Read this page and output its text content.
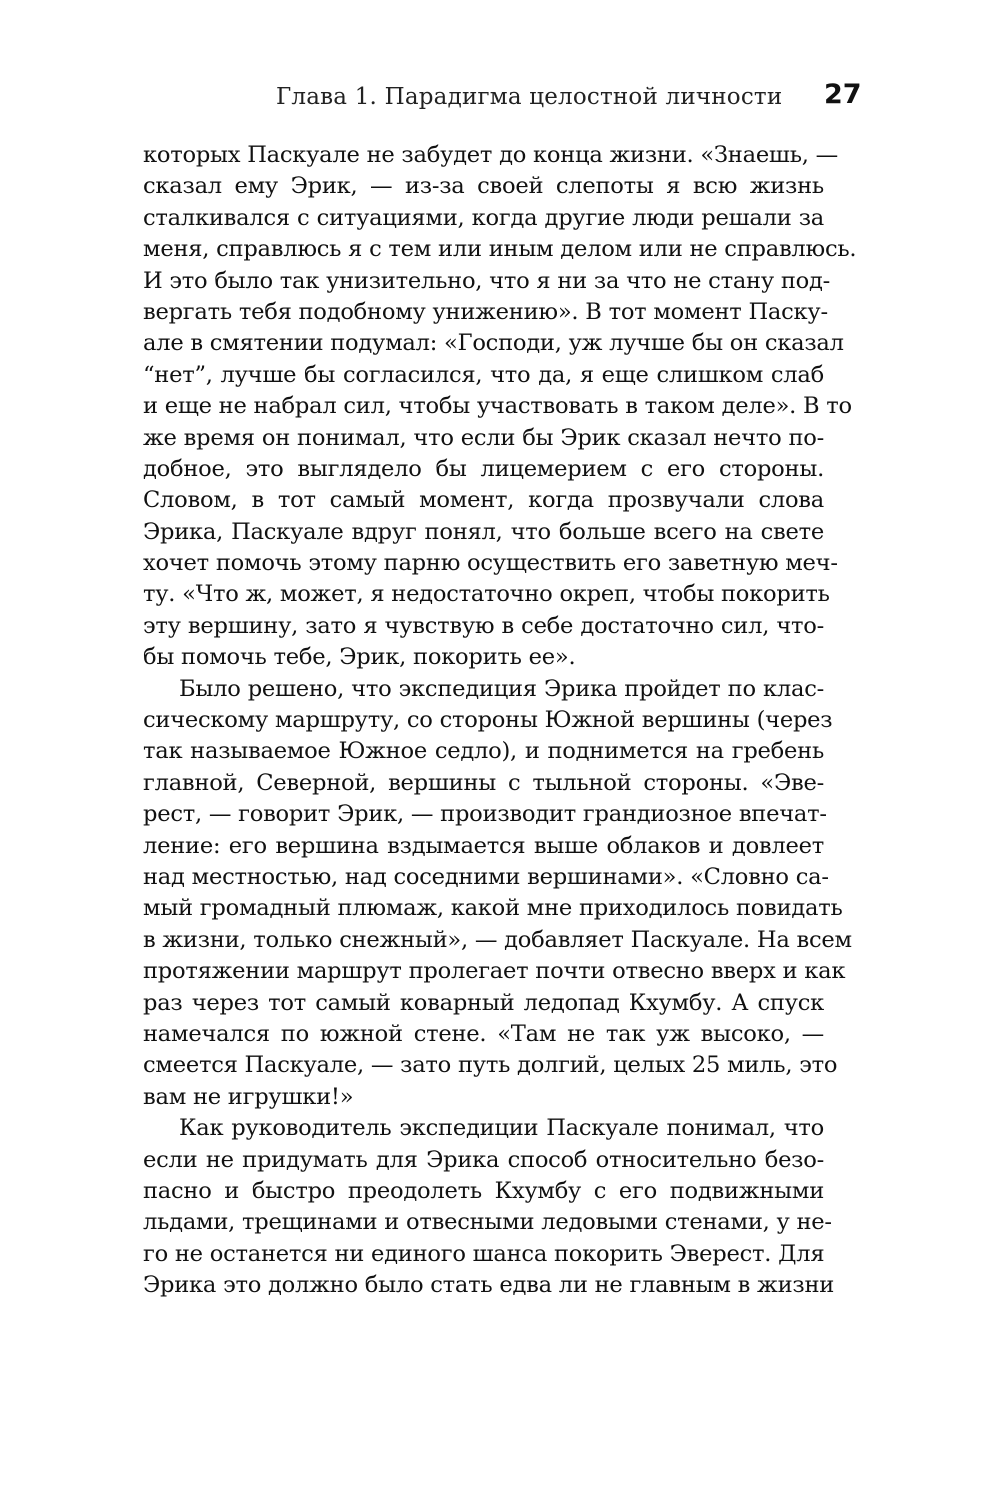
Глава 1. Парадигма целостной личности 27
которых Паскуале не забудет до конца жизни. «Знаешь, —
сказал ему Эрик, — из-за своей слепоты я всю жизнь
сталкивался с ситуациями, когда другие люди решали за
меня, справлюсь я с тем или иным делом или не справлюсь.
И это было так унизительно, что я ни за что не стану под-
вергать тебя подобному унижению». В тот момент Паску-
але в смятении подумал: «Господи, уж лучше бы он сказал
“нет”, лучше бы согласился, что да, я еще слишком слаб
и еще не набрал сил, чтобы участвовать в таком деле». В то
же время он понимал, что если бы Эрик сказал нечто по-
добное, это выглядело бы лицемерием с его стороны.
Словом, в тот самый момент, когда прозвучали слова
Эрика, Паскуале вдруг понял, что больше всего на свете
хочет помочь этому парню осуществить его заветную меч-
ту. «Что ж, может, я недостаточно окреп, чтобы покорить
эту вершину, зато я чувствую в себе достаточно сил, что-
бы помочь тебе, Эрик, покорить ее».
Было решено, что экспедиция Эрика пройдет по клас-
сическому маршруту, со стороны Южной вершины (через
так называемое Южное седло), и поднимется на гребень
главной, Северной, вершины с тыльной стороны. «Эве-
рест, — говорит Эрик, — производит грандиозное впечат-
ление: его вершина вздымается выше облаков и довлеет
над местностью, над соседними вершинами». «Словно са-
мый громадный плюмаж, какой мне приходилось повидать
в жизни, только снежный», — добавляет Паскуале. На всем
протяжении маршрут пролегает почти отвесно вверх и как
раз через тот самый коварный ледопад Кхумбу. А спуск
намечался по южной стене. «Там не так уж высоко, —
смеется Паскуале, — зато путь долгий, целых 25 миль, это
вам не игрушки!»
Как руководитель экспедиции Паскуале понимал, что
если не придумать для Эрика способ относительно безо-
пасно и быстро преодолеть Кхумбу с его подвижными
льдами, трещинами и отвесными ледовыми стенами, у не-
го не останется ни единого шанса покорить Эверест. Для
Эрика это должно было стать едва ли не главным в жизни
